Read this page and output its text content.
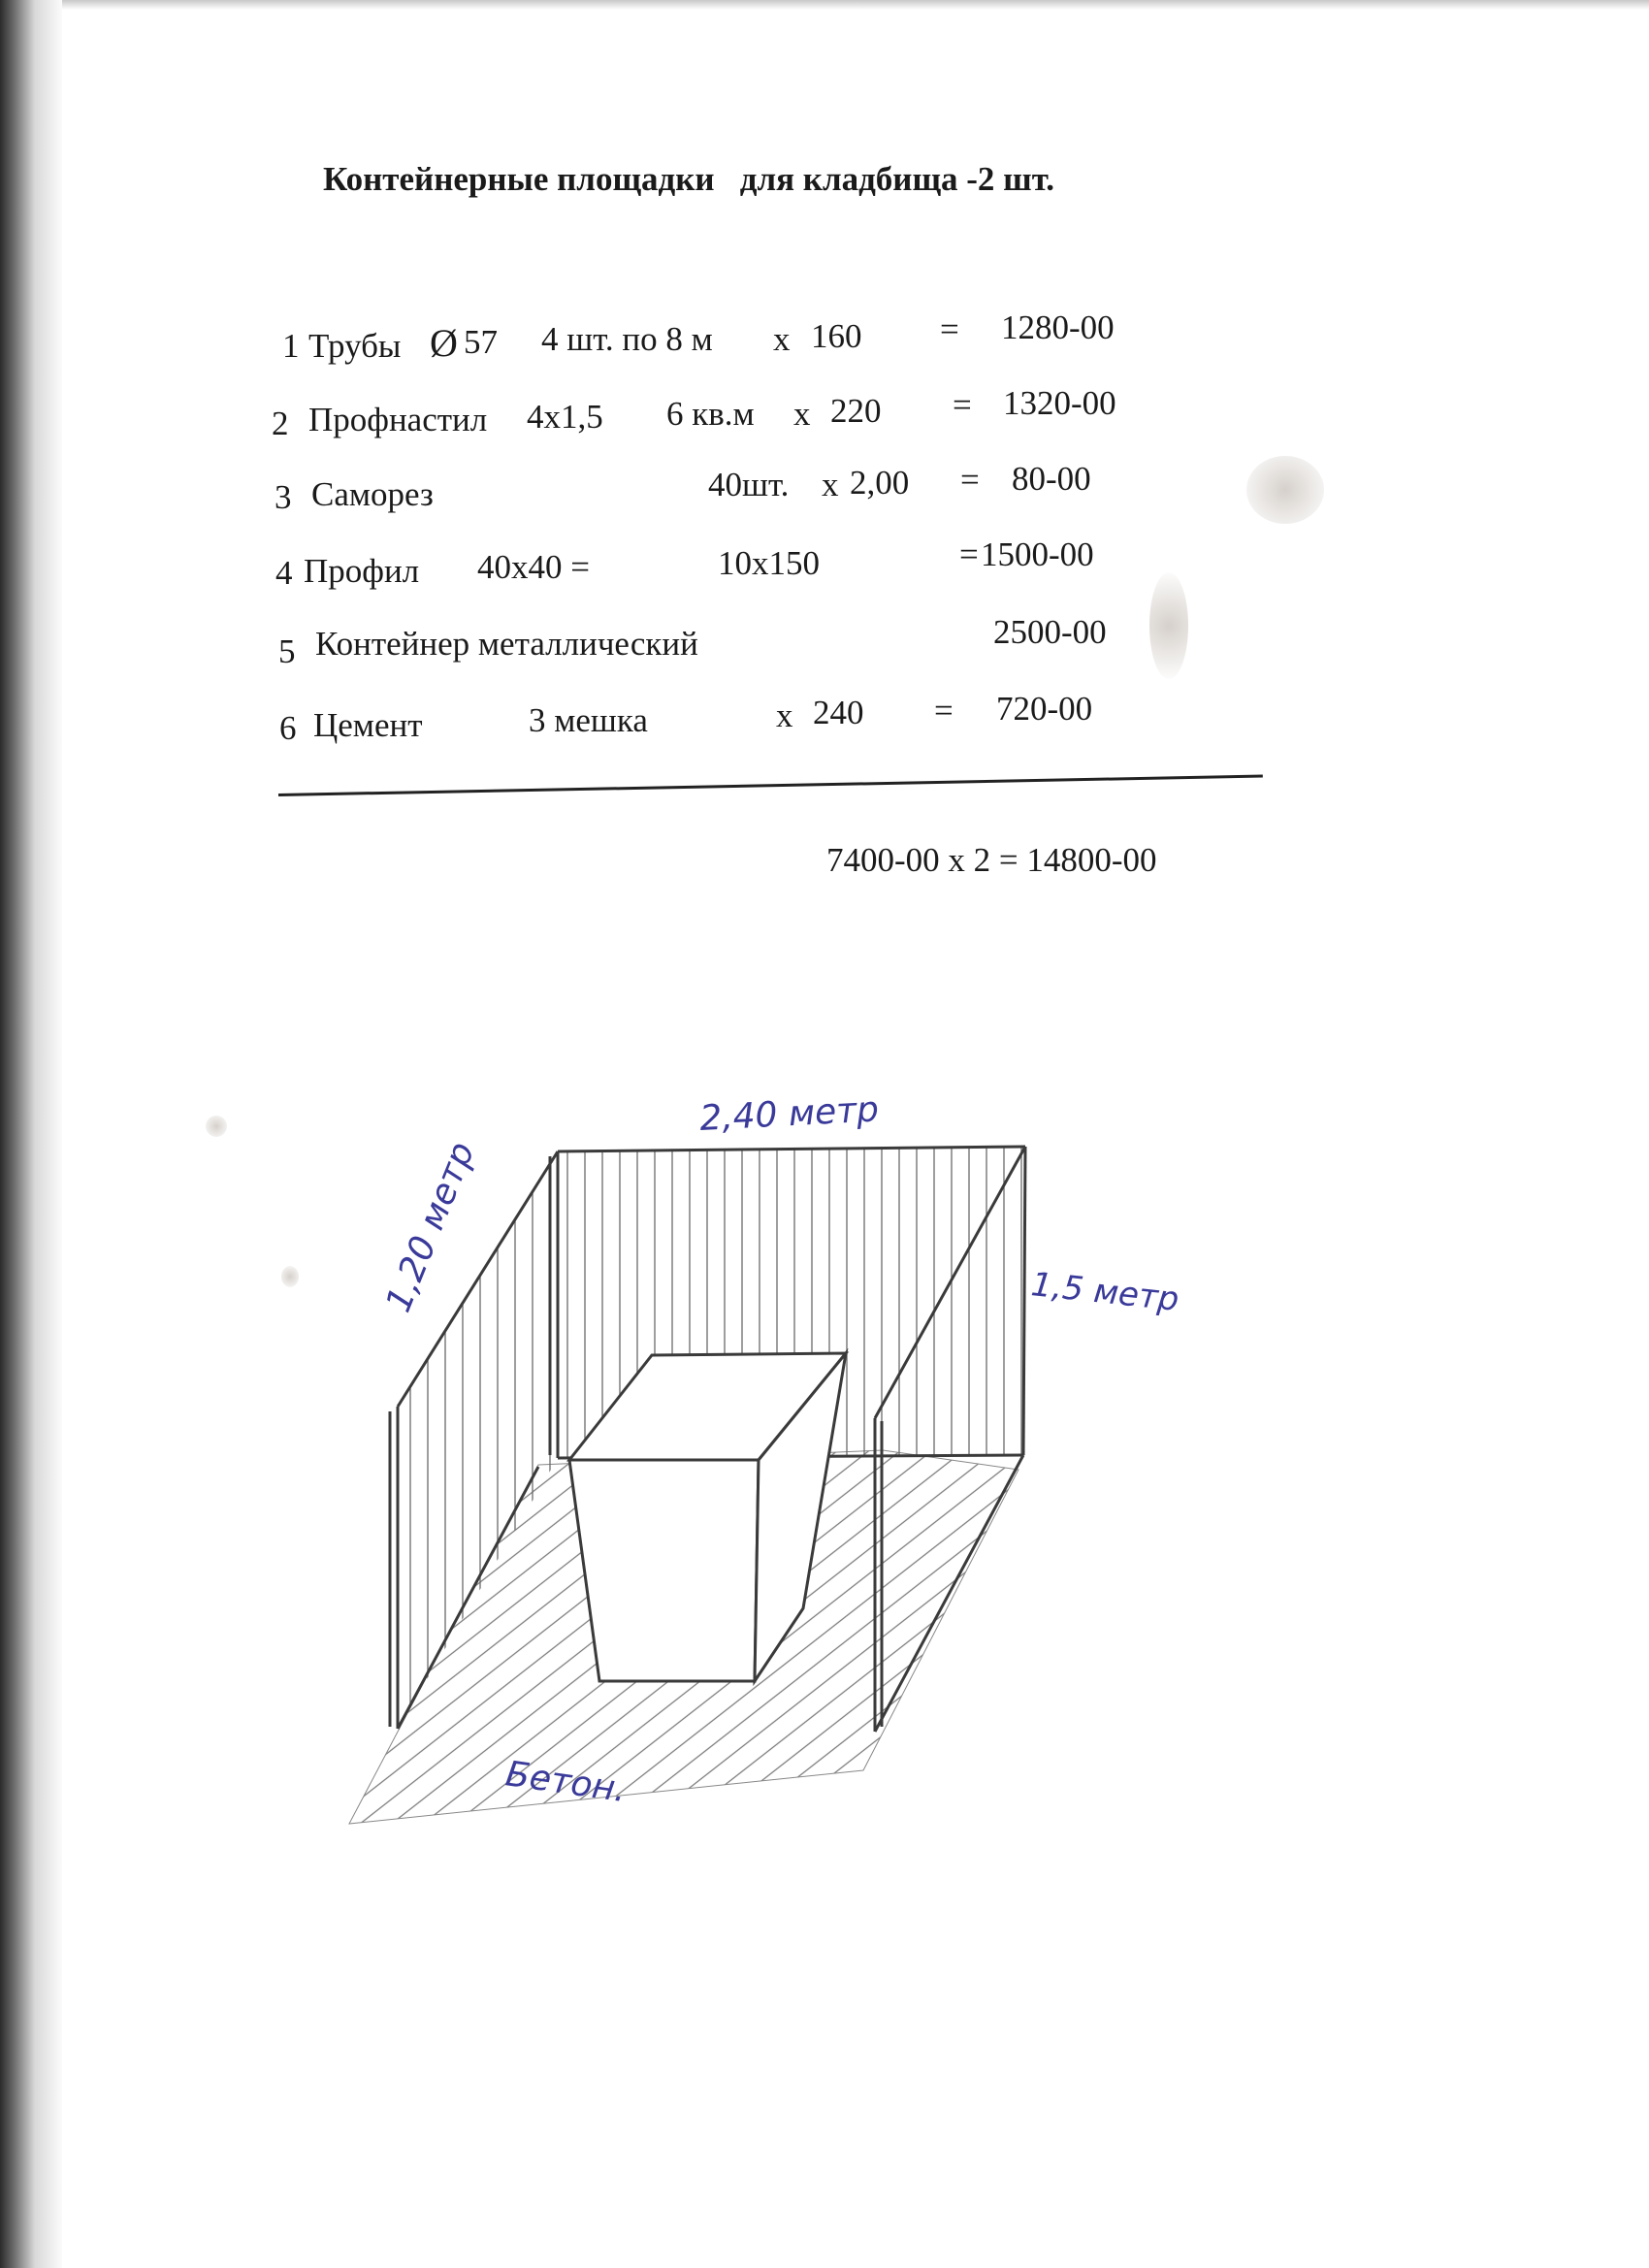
Контейнерные площадки   для кладбища -2 шт.
1 Трубы Ø 57 4 шт. по 8 м x 160 = 1280-00
2 Профнастил 4х1,5 6 кв.м x 220 = 1320-00
3 Саморез	40шт. x 2,00 = 80-00
4 Профил 40х40 =	10х150	= 1500-00
5 Контейнер металлический	2500-00
6 Цемент	3 мешка	x 240 = 720-00
7400-00 х 2 = 14800-00
2,40 метр
1,20 метр	1,5 метр
Бетон.
